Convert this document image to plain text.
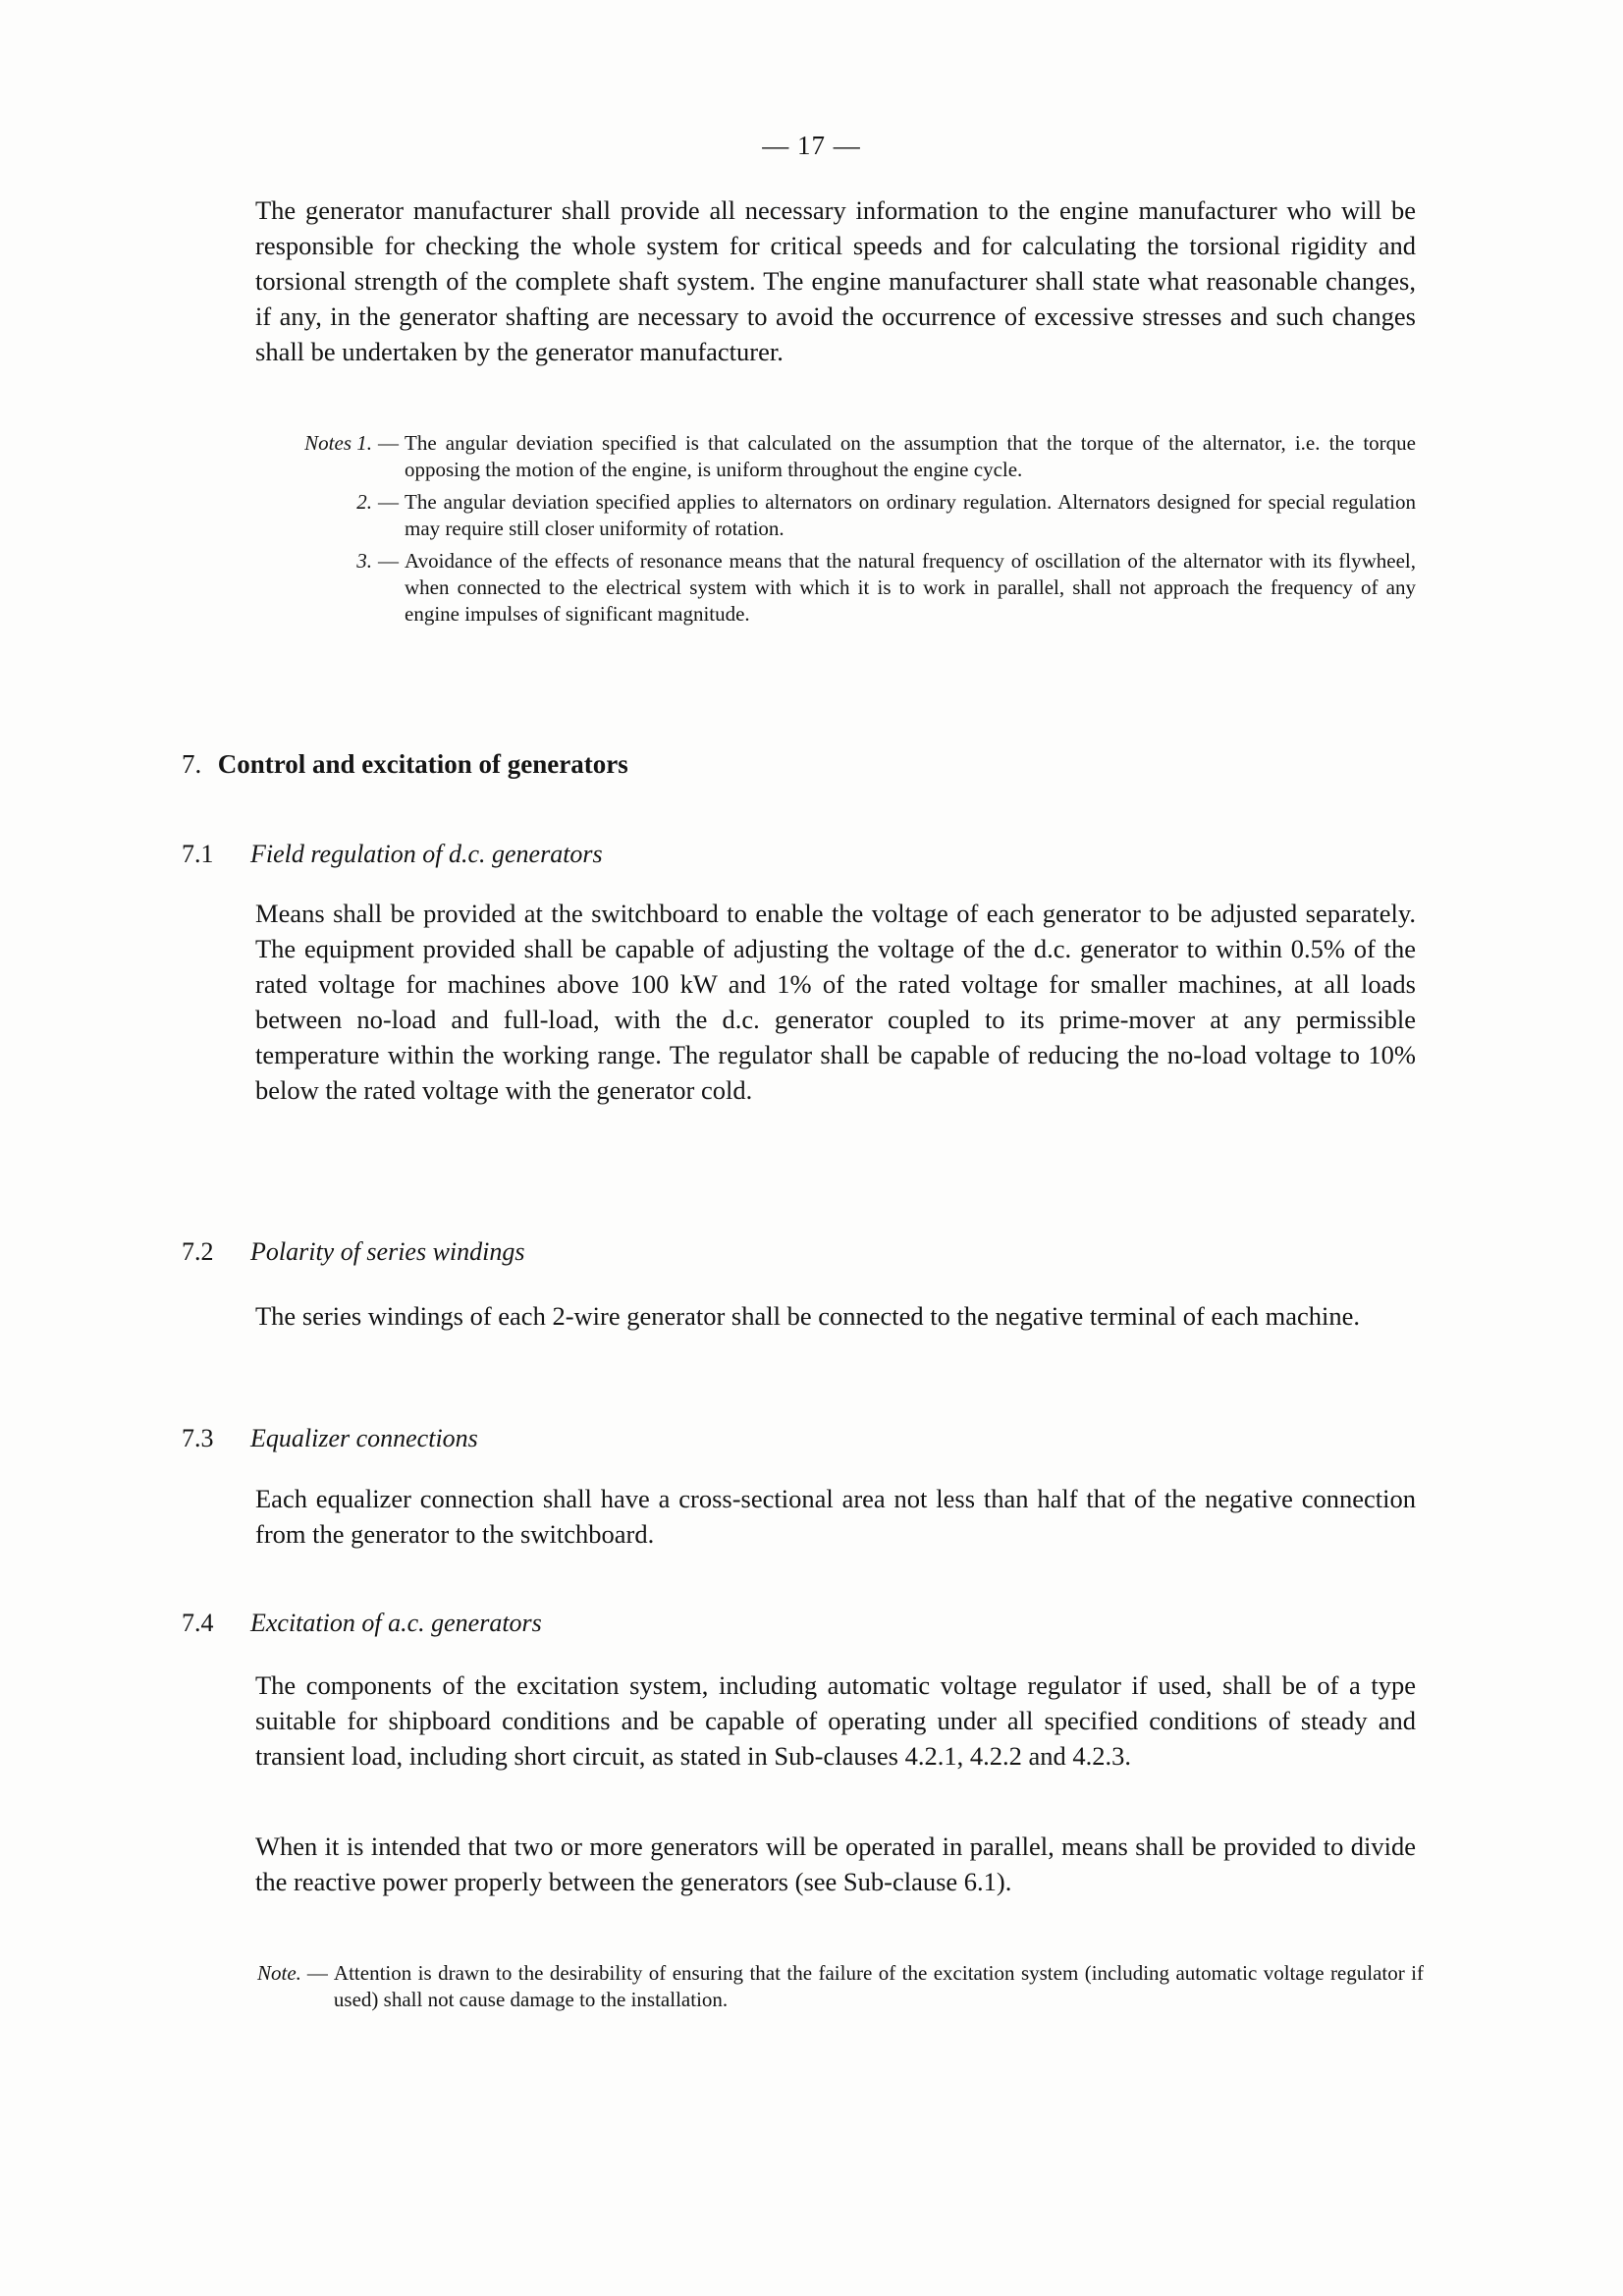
— 17 —

The generator manufacturer shall provide all necessary information to the engine manufacturer who will be responsible for checking the whole system for critical speeds and for calculating the torsional rigidity and torsional strength of the complete shaft system. The engine manufacturer shall state what reasonable changes, if any, in the generator shafting are necessary to avoid the occurrence of excessive stresses and such changes shall be undertaken by the generator manufacturer.

Notes 1. — The angular deviation specified is that calculated on the assumption that the torque of the alternator, i.e. the torque opposing the motion of the engine, is uniform throughout the engine cycle.
2. — The angular deviation specified applies to alternators on ordinary regulation. Alternators designed for special regulation may require still closer uniformity of rotation.
3. — Avoidance of the effects of resonance means that the natural frequency of oscillation of the alternator with its flywheel, when connected to the electrical system with which it is to work in parallel, shall not approach the frequency of any engine impulses of significant magnitude.
7. Control and excitation of generators
7.1 Field regulation of d.c. generators

Means shall be provided at the switchboard to enable the voltage of each generator to be adjusted separately. The equipment provided shall be capable of adjusting the voltage of the d.c. generator to within 0.5% of the rated voltage for machines above 100 kW and 1% of the rated voltage for smaller machines, at all loads between no-load and full-load, with the d.c. generator coupled to its prime-mover at any permissible temperature within the working range. The regulator shall be capable of reducing the no-load voltage to 10% below the rated voltage with the generator cold.

7.2 Polarity of series windings

The series windings of each 2-wire generator shall be connected to the negative terminal of each machine.

7.3 Equalizer connections

Each equalizer connection shall have a cross-sectional area not less than half that of the negative connection from the generator to the switchboard.

7.4 Excitation of a.c. generators

The components of the excitation system, including automatic voltage regulator if used, shall be of a type suitable for shipboard conditions and be capable of operating under all specified conditions of steady and transient load, including short circuit, as stated in Sub-clauses 4.2.1, 4.2.2 and 4.2.3.

When it is intended that two or more generators will be operated in parallel, means shall be provided to divide the reactive power properly between the generators (see Sub-clause 6.1).

Note. — Attention is drawn to the desirability of ensuring that the failure of the excitation system (including automatic voltage regulator if used) shall not cause damage to the installation.
